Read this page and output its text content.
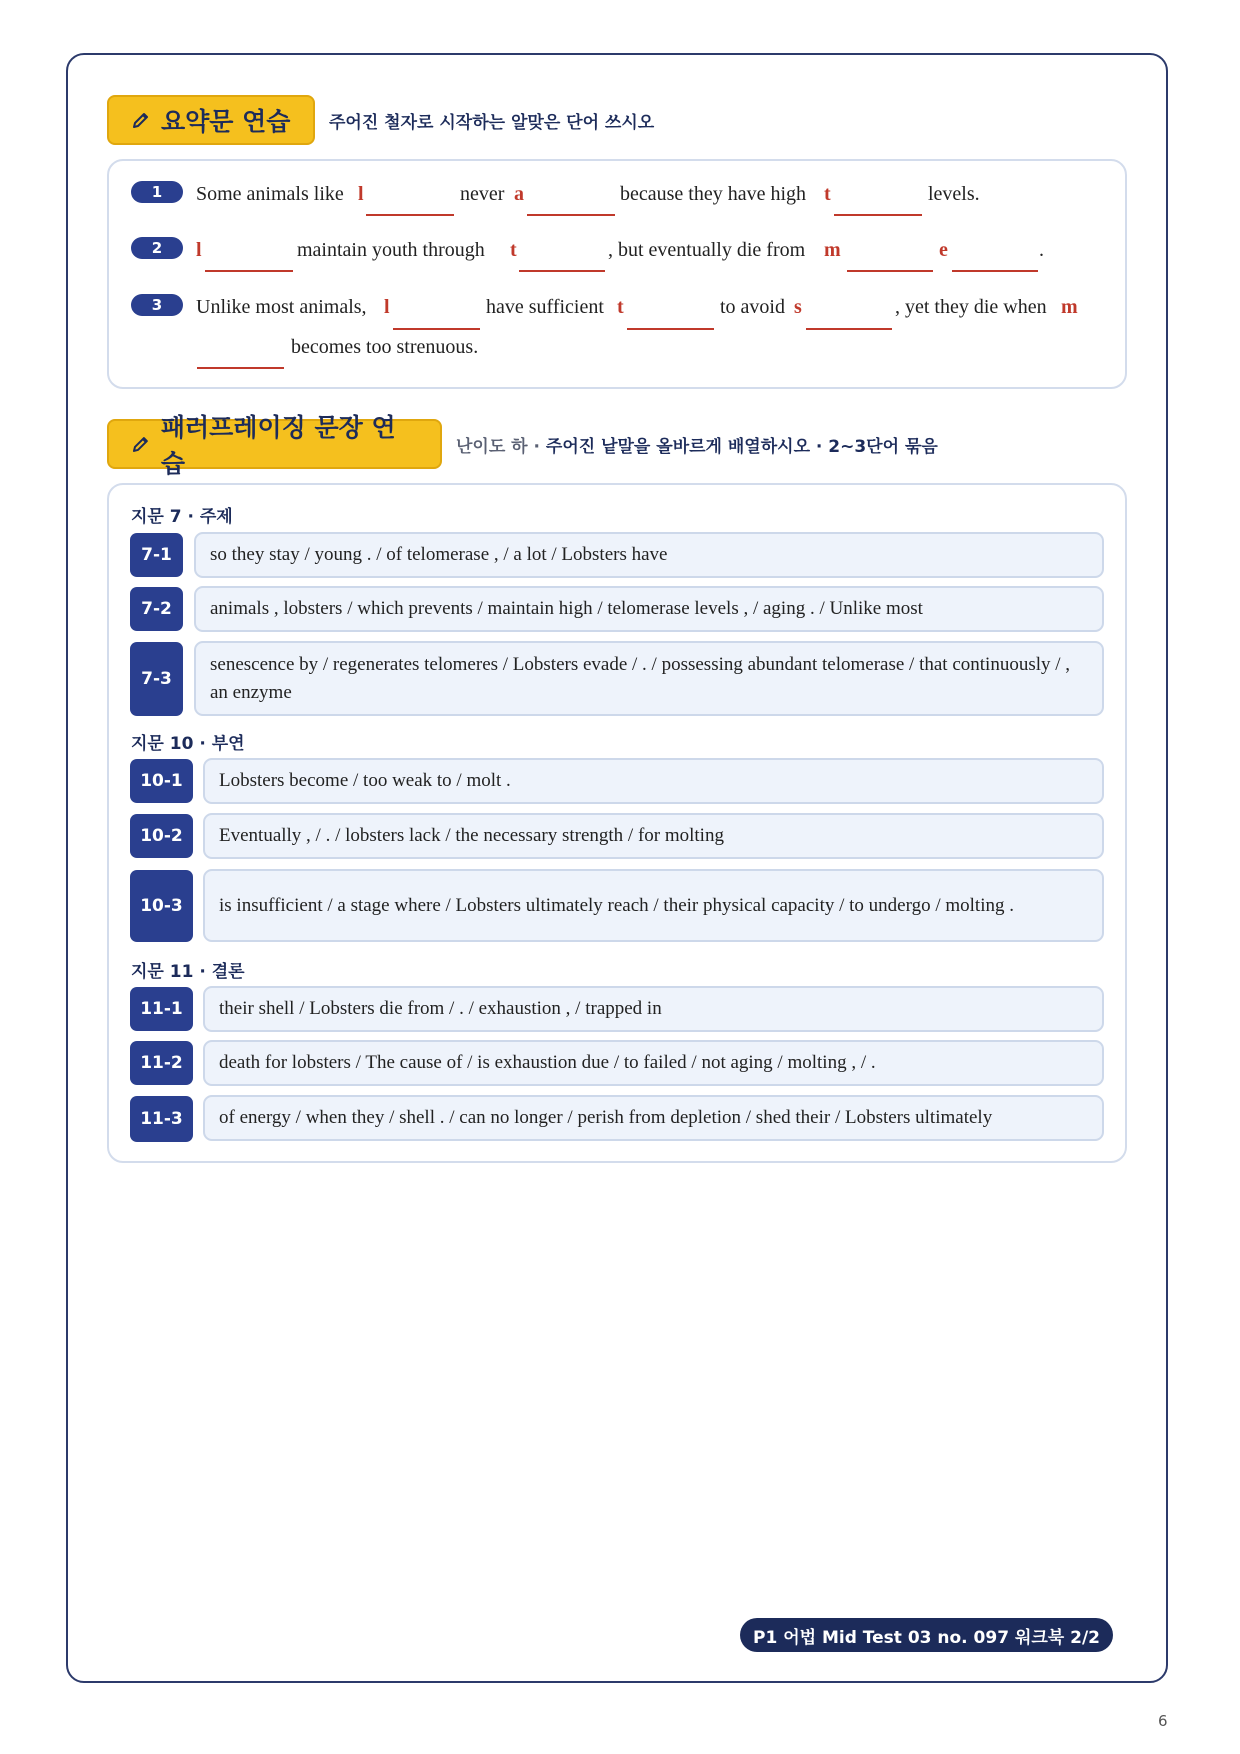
요약문 연습 주어진 철자로 시작하는 알맞은 단어 쓰시오
1	Some animals like l	never a	because they have high t	levels.
2	l	maintain youth through t	, but eventually die from m	e	.
3	Unlike most animals, l	have sufficient t	to avoid s	, yet they die when m
becomes too strenuous.
패러프레이징 문장 연습
난이도 하 · 주어진 낱말을 올바르게 배열하시오 · 2~3단어 묶음
지문 7 · 주제
7-1	so they stay / young . / of telomerase , / a lot / Lobsters have
7-2	animals , lobsters / which prevents / maintain high / telomerase levels , / aging . / Unlike most
7-3
senescence by / regenerates telomeres / Lobsters evade / . / possessing abundant telomerase / that continuously / , an enzyme
지문 10 · 부연
10-1	Lobsters become / too weak to / molt .
10-2	Eventually , / . / lobsters lack / the necessary strength / for molting
10-3	is insufficient / a stage where / Lobsters ultimately reach / their physical capacity / to undergo / molting .
지문 11 · 결론
11-1	their shell / Lobsters die from / . / exhaustion , / trapped in
11-2	death for lobsters / The cause of / is exhaustion due / to failed / not aging / molting , / .
11-3	of energy / when they / shell . / can no longer / perish from depletion / shed their / Lobsters ultimately
P1 어법 Mid Test 03 no. 097 워크북 2/2
6
